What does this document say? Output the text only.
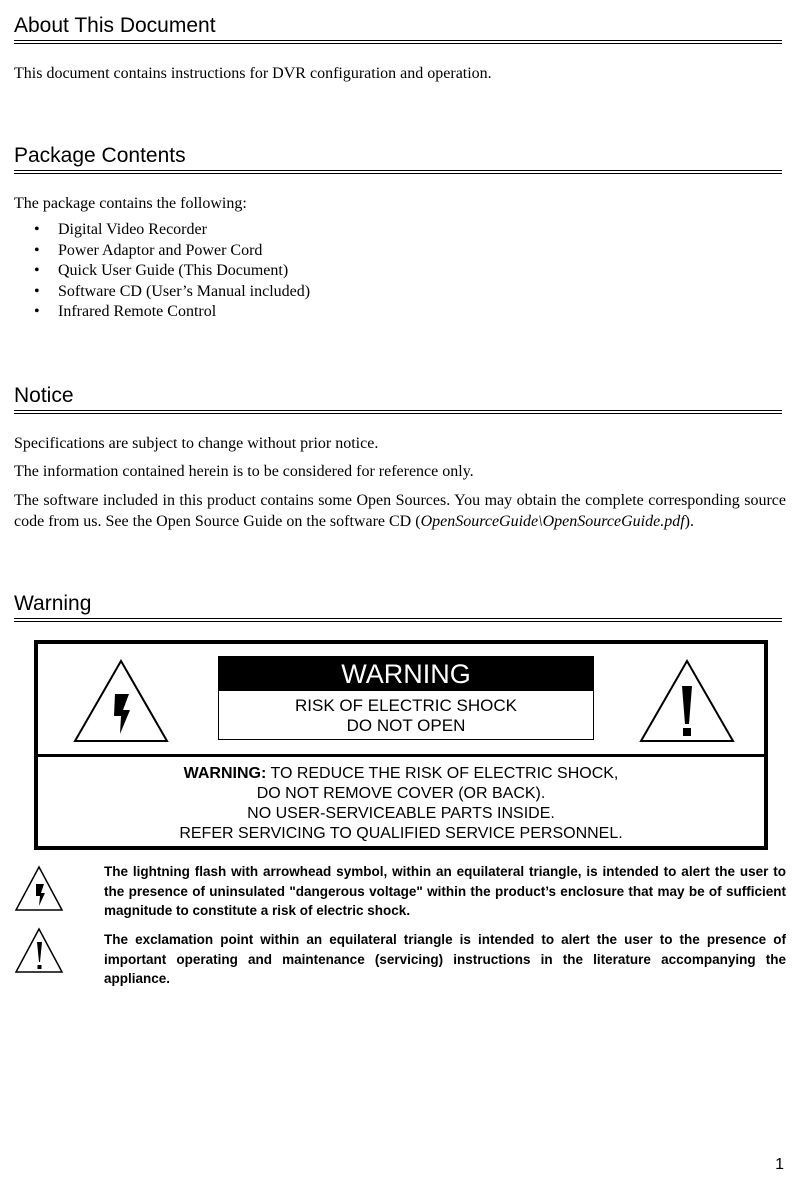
About This Document

This document contains instructions for DVR configuration and operation.

Package Contents

The package contains the following:

• Digital Video Recorder
• Power Adaptor and Power Cord
• Quick User Guide (This Document)
• Software CD (User’s Manual included)
• Infrared Remote Control
Notice

Specifications are subject to change without prior notice.

The information contained herein is to be considered for reference only.

The software included in this product contains some Open Sources. You may obtain the complete corresponding source code from us. See the Open Source Guide on the software CD (OpenSourceGuide\OpenSourceGuide.pdf).

Warning
WARNING
RISK OF ELECTRIC SHOCK
DO NOT OPEN
WARNING: TO REDUCE THE RISK OF ELECTRIC SHOCK,
DO NOT REMOVE COVER (OR BACK).
NO USER-SERVICEABLE PARTS INSIDE.
REFER SERVICING TO QUALIFIED SERVICE PERSONNEL.
The lightning flash with arrowhead symbol, within an equilateral triangle, is intended to alert the user to the presence of uninsulated "dangerous voltage" within the product’s enclosure that may be of sufficient magnitude to constitute a risk of electric shock.
The exclamation point within an equilateral triangle is intended to alert the user to the presence of important operating and maintenance (servicing) instructions in the literature accompanying the appliance.
1
